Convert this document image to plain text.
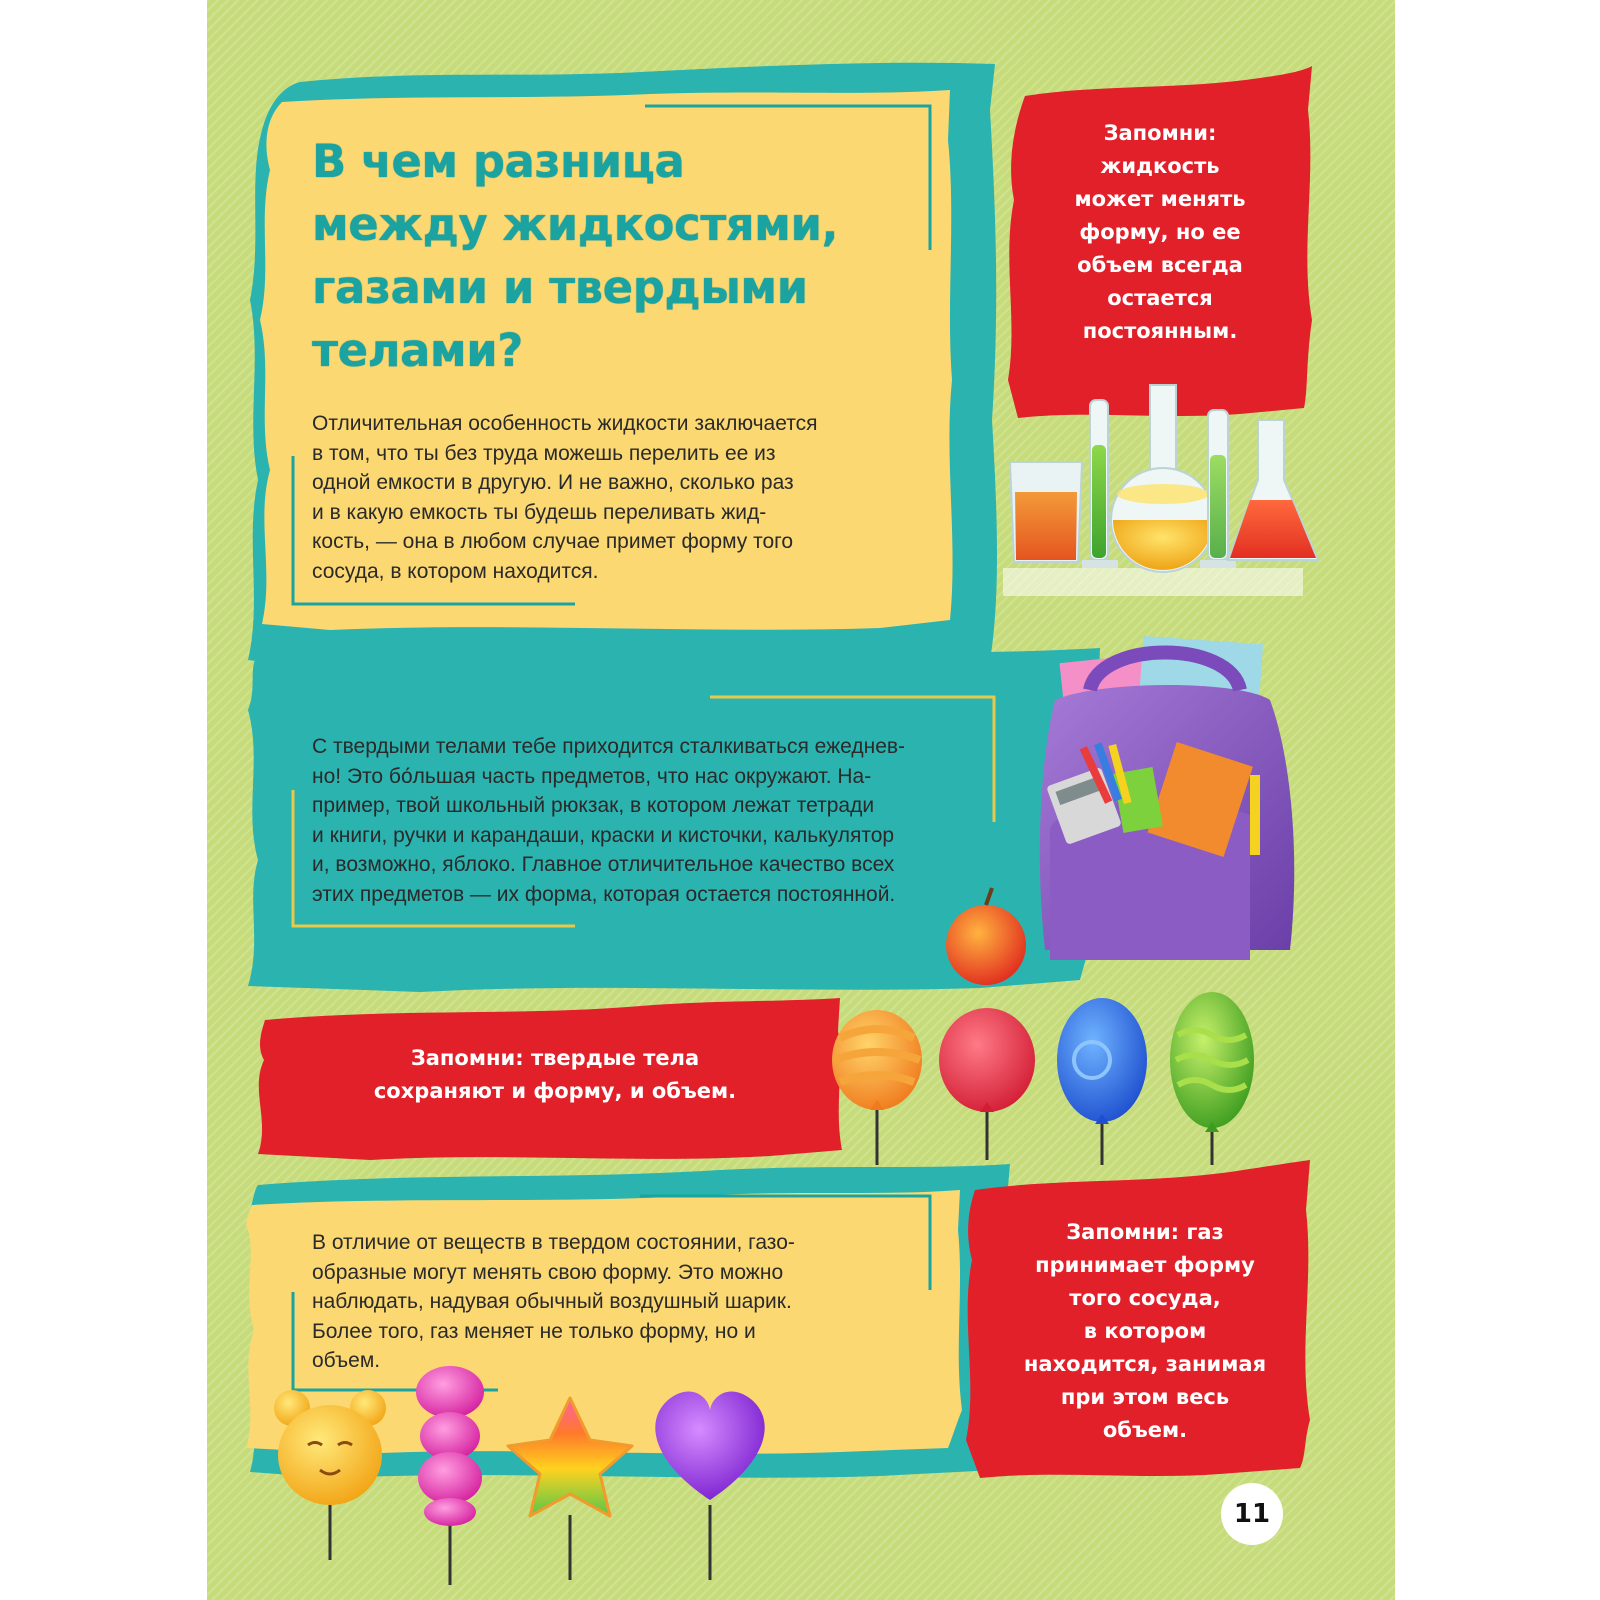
В чем разница
между жидкостями,
газами и твердыми
телами?
Отличительная особенность жидкости заключается
в том, что ты без труда можешь перелить ее из
одной емкости в другую. И не важно, сколько раз
и в какую емкость ты будешь переливать жид-
кость, — она в любом случае примет форму того
сосуда, в котором находится.
С твердыми телами тебе приходится сталкиваться ежеднев-
но! Это бо́льшая часть предметов, что нас окружают. На-
пример, твой школьный рюкзак, в котором лежат тетради
и книги, ручки и карандаши, краски и кисточки, калькулятор
и, возможно, яблоко. Главное отличительное качество всех
этих предметов — их форма, которая остается постоянной.
В отличие от веществ в твердом состоянии, газо-
образные могут менять свою форму. Это можно
наблюдать, надувая обычный воздушный шарик.
Более того, газ меняет не только форму, но и
объем.
Запомни:
жидкость
может менять
форму, но ее
объем всегда
остается
постоянным.
Запомни: твердые тела
сохраняют и форму, и объем.
Запомни: газ
принимает форму
того сосуда,
в котором
находится, занимая
при этом весь
объем.
11
